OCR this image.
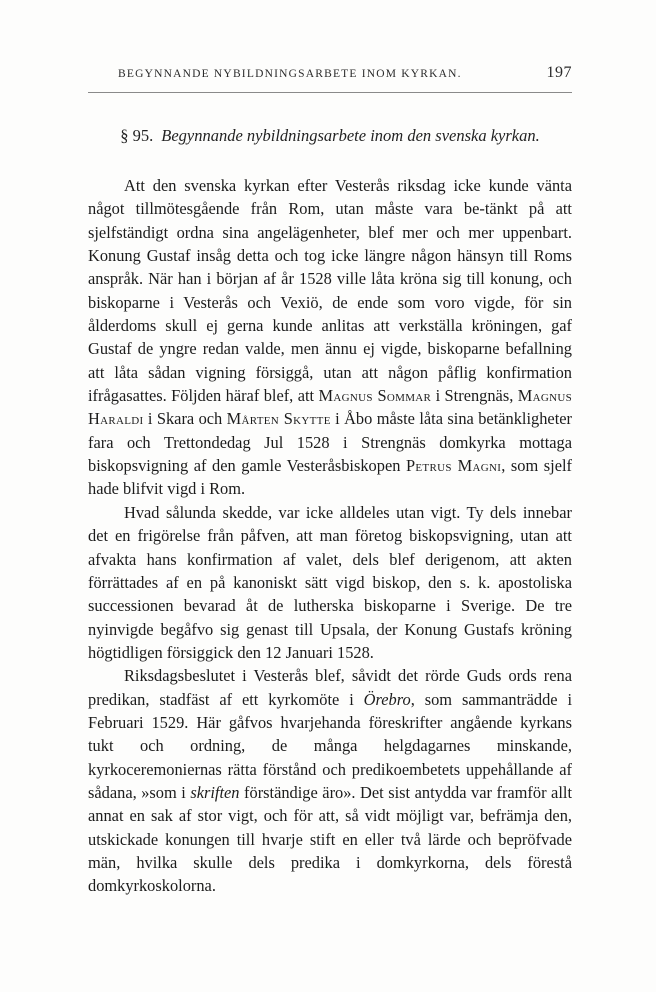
BEGYNNANDE NYBILDNINGSARBETE INOM KYRKAN.	197
§ 95. Begynnande nybildningsarbete inom den svenska kyrkan.

Att den svenska kyrkan efter Vesterås riksdag icke kunde vänta något tillmötesgående från Rom, utan måste vara be-tänkt på att sjelfständigt ordna sina angelägenheter, blef mer och mer uppenbart. Konung Gustaf insåg detta och tog icke längre någon hänsyn till Roms anspråk. När han i början af år 1528 ville låta kröna sig till konung, och biskoparne i Vesterås och Vexiö, de ende som voro vigde, för sin ålderdoms skull ej gerna kunde anlitas att verkställa kröningen, gaf Gustaf de yngre redan valde, men ännu ej vigde, biskoparne befallning att låta sådan vigning försiggå, utan att någon påflig konfirmation ifrågasattes. Följden häraf blef, att Magnus Sommar i Strengnäs, Magnus Haraldi i Skara och Mårten Skytte i Åbo måste låta sina betänkligheter fara och Trettondedag Jul 1528 i Strengnäs domkyrka mottaga biskopsvigning af den gamle Vesteråsbiskopen Petrus Magni, som sjelf hade blifvit vigd i Rom.

Hvad sålunda skedde, var icke alldeles utan vigt. Ty dels innebar det en frigörelse från påfven, att man företog biskopsvigning, utan att afvakta hans konfirmation af valet, dels blef derigenom, att akten förrättades af en på kanoniskt sätt vigd biskop, den s. k. apostoliska successionen bevarad åt de lutherska biskoparne i Sverige. De tre nyinvigde begåfvo sig genast till Upsala, der Konung Gustafs kröning högtidligen försiggick den 12 Januari 1528.

Riksdagsbeslutet i Vesterås blef, såvidt det rörde Guds ords rena predikan, stadfäst af ett kyrkomöte i Örebro, som sammanträdde i Februari 1529. Här gåfvos hvarjehanda föreskrifter angående kyrkans tukt och ordning, de många helgdagarnes minskande, kyrkoceremoniernas rätta förstånd och predikoembetets uppehållande af sådana, »som i skriften förständige äro». Det sist antydda var framför allt annat en sak af stor vigt, och för att, så vidt möjligt var, befrämja den, utskickade konungen till hvarje stift en eller två lärde och bepröfvade män, hvilka skulle dels predika i domkyrkorna, dels förestå domkyrkoskolorna.
